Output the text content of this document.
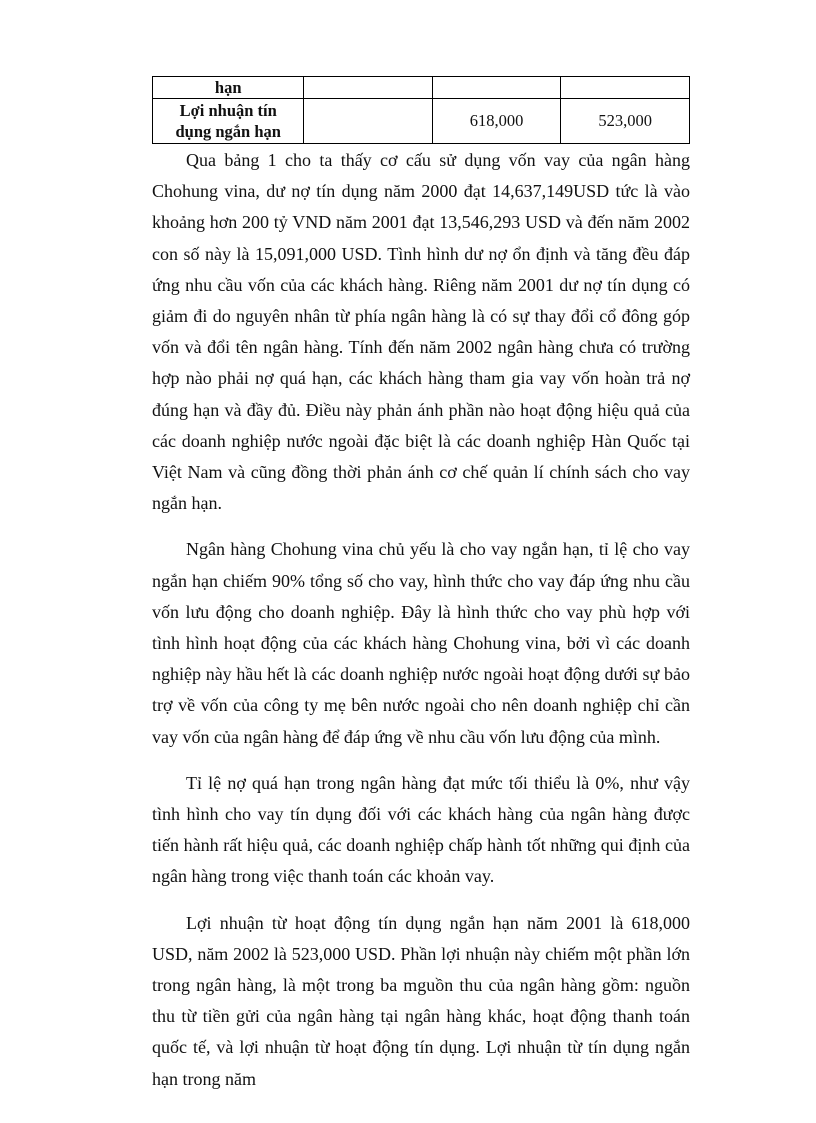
hạn			

Lợi nhuận tín
dụng ngắn hạn		618,000	523,000

Qua bảng 1 cho ta thấy cơ cấu sử dụng vốn vay của ngân hàng Chohung vina, dư nợ tín dụng năm 2000 đạt 14,637,149USD tức là vào khoảng hơn 200 tỷ VND năm 2001 đạt 13,546,293 USD và đến năm 2002 con số này là 15,091,000 USD. Tình hình dư nợ ổn định và tăng đều đáp ứng nhu cầu vốn của các khách hàng. Riêng năm 2001 dư nợ tín dụng có giảm đi do nguyên nhân từ phía ngân hàng là có sự thay đổi cổ đông góp vốn và đổi tên ngân hàng. Tính đến năm 2002 ngân hàng chưa có trường hợp nào phải nợ quá hạn, các khách hàng tham gia vay vốn hoàn trả nợ đúng hạn và đầy đủ. Điều này phản ánh phần nào hoạt động hiệu quả của các doanh nghiệp nước ngoài đặc biệt là các doanh nghiệp Hàn Quốc tại Việt Nam và cũng đồng thời phản ánh cơ chế quản lí chính sách cho vay ngắn hạn.

Ngân hàng Chohung vina chủ yếu là cho vay ngắn hạn, tỉ lệ cho vay ngắn hạn chiếm 90% tổng số cho vay, hình thức cho vay đáp ứng nhu cầu vốn lưu động cho doanh nghiệp. Đây là hình thức cho vay phù hợp với tình hình hoạt động của các khách hàng Chohung vina, bởi vì các doanh nghiệp này hầu hết là các doanh nghiệp nước ngoài hoạt động dưới sự bảo trợ về vốn của công ty mẹ bên nước ngoài cho nên doanh nghiệp chỉ cần vay vốn của ngân hàng để đáp ứng về nhu cầu vốn lưu động của mình.

Tỉ lệ nợ quá hạn trong ngân hàng đạt mức tối thiểu là 0%, như vậy tình hình cho vay tín dụng đối với các khách hàng của ngân hàng được tiến hành rất hiệu quả, các doanh nghiệp chấp hành tốt những qui định của ngân hàng trong việc thanh toán các khoản vay.

Lợi nhuận từ hoạt động tín dụng ngắn hạn năm 2001 là 618,000 USD, năm 2002 là 523,000 USD. Phần lợi nhuận này chiếm một phần lớn trong ngân hàng, là một trong ba mguồn thu của ngân hàng gồm: nguồn thu từ tiền gửi của ngân hàng tại ngân hàng khác, hoạt động thanh toán quốc tế, và lợi nhuận từ hoạt động tín dụng. Lợi nhuận từ tín dụng ngắn hạn trong năm
